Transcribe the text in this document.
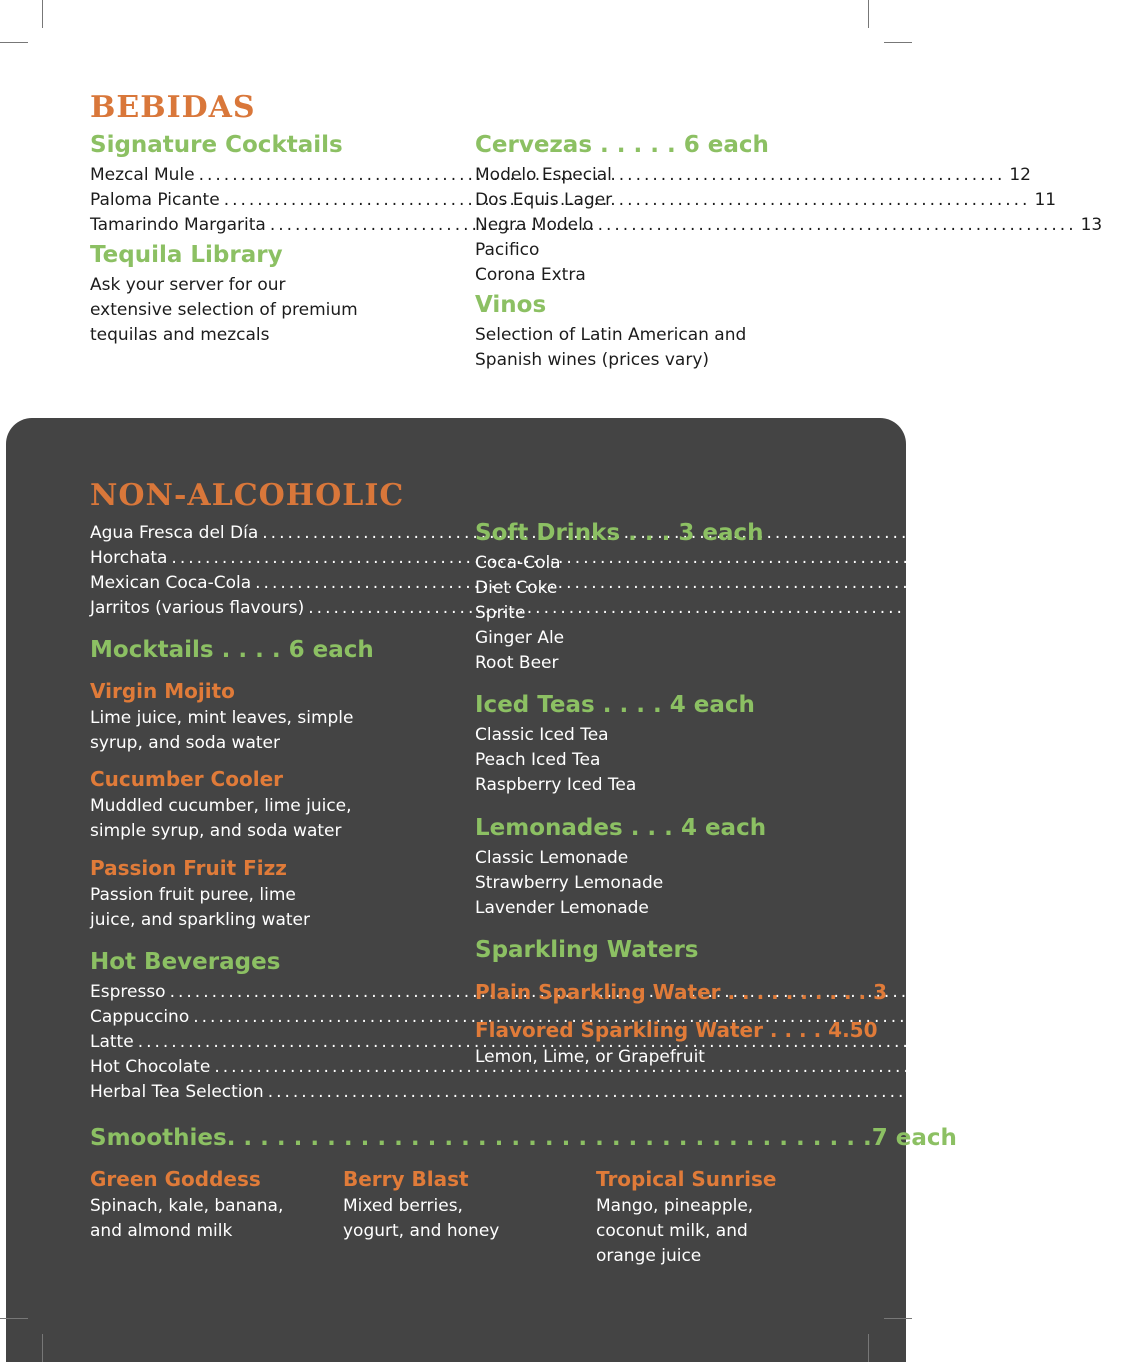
BEBIDAS
Signature Cocktails
Mezcal Mule .....	12
Paloma Picante .....	11
Tamarindo Margarita .....	13
Tequila Library
Ask your server for our
extensive selection of premium
tequilas and mezcals
Cervezas . . . . . 6 each
Modelo Especial
Dos Equis Lager
Negra Modelo
Pacifico
Corona Extra
Vinos
Selection of Latin American and
Spanish wines (prices vary)
NON-ALCOHOLIC
Agua Fresca del Día .....	4
Horchata .....	4
Mexican Coca-Cola .....	3
Jarritos (various flavours) .....	3
Mocktails . . . . 6 each
Virgin Mojito
Lime juice, mint leaves, simple
syrup, and soda water
Cucumber Cooler
Muddled cucumber, lime juice,
simple syrup, and soda water
Passion Fruit Fizz
Passion fruit puree, lime
juice, and sparkling water
Hot Beverages
Espresso .....	3
Cappuccino .....	4
Latte .....	4
Hot Chocolate .....	4
Herbal Tea Selection .....	3
Soft Drinks . . . 3 each
Coca-Cola
Diet Coke
Sprite
Ginger Ale
Root Beer
Iced Teas . . . . 4 each
Classic Iced Tea
Peach Iced Tea
Raspberry Iced Tea
Lemonades . . . 4 each
Classic Lemonade
Strawberry Lemonade
Lavender Lemonade
Sparkling Waters
Plain Sparkling Water . . . . . . . . . . 3
Flavored Sparkling Water . . . . 4.50
Lemon, Lime, or Grapefruit
Smoothies . . . . . . . . . . . . . . . . . . . . . . . . . . . . . . . . . . . . . . . 7 each
Green Goddess
Spinach, kale, banana,
and almond milk
Berry Blast
Mixed berries,
yogurt, and honey
Tropical Sunrise
Mango, pineapple,
coconut milk, and
orange juice
